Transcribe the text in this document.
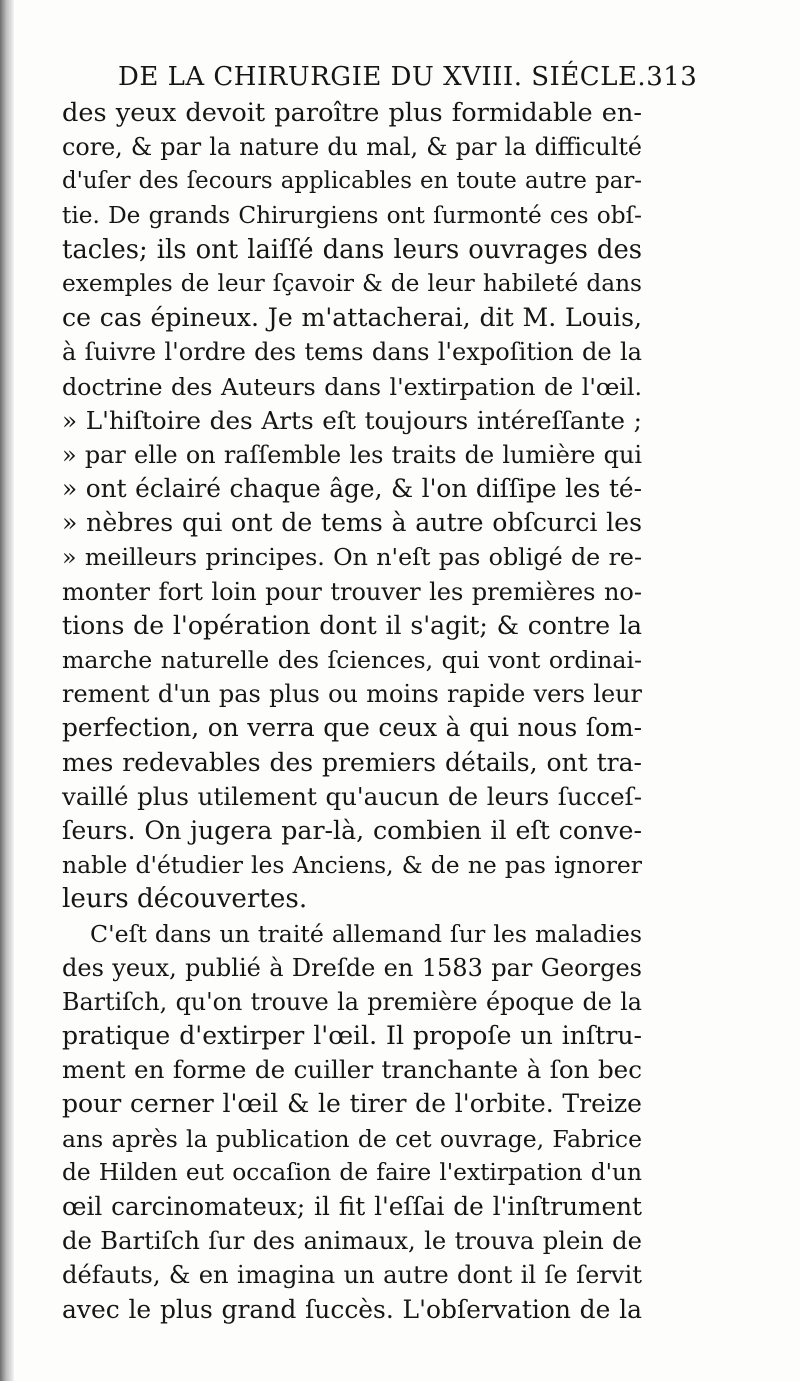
DE LA CHIRURGIE DU XVIII. SIÉCLE. 313
des yeux devoit paroître plus formidable en-
core, & par la nature du mal, & par la difficulté
d'uſer des ſecours applicables en toute autre par-
tie. De grands Chirurgiens ont ſurmonté ces obſ-
tacles; ils ont laiſſé dans leurs ouvrages des
exemples de leur ſçavoir & de leur habileté dans
ce cas épineux. Je m'attacherai, dit M. Louis,
à ſuivre l'ordre des tems dans l'expoſition de la
doctrine des Auteurs dans l'extirpation de l'œil.
» L'hiſtoire des Arts eſt toujours intéreſſante ;
» par elle on raſſemble les traits de lumière qui
» ont éclairé chaque âge, & l'on diſſipe les té-
» nèbres qui ont de tems à autre obſcurci les
» meilleurs principes. On n'eſt pas obligé de re-
monter fort loin pour trouver les premières no-
tions de l'opération dont il s'agit; & contre la
marche naturelle des ſciences, qui vont ordinai-
rement d'un pas plus ou moins rapide vers leur
perfection, on verra que ceux à qui nous ſom-
mes redevables des premiers détails, ont tra-
vaillé plus utilement qu'aucun de leurs ſucceſ-
ſeurs. On jugera par-là, combien il eſt conve-
nable d'étudier les Anciens, & de ne pas ignorer
leurs découvertes.
C'eſt dans un traité allemand ſur les maladies
des yeux, publié à Dreſde en 1583 par Georges
Bartiſch, qu'on trouve la première époque de la
pratique d'extirper l'œil. Il propoſe un inſtru-
ment en forme de cuiller tranchante à ſon bec
pour cerner l'œil & le tirer de l'orbite. Treize
ans après la publication de cet ouvrage, Fabrice
de Hilden eut occaſion de faire l'extirpation d'un
œil carcinomateux; il fit l'eſſai de l'inſtrument
de Bartiſch ſur des animaux, le trouva plein de
défauts, & en imagina un autre dont il ſe ſervit
avec le plus grand ſuccès. L'obſervation de la
